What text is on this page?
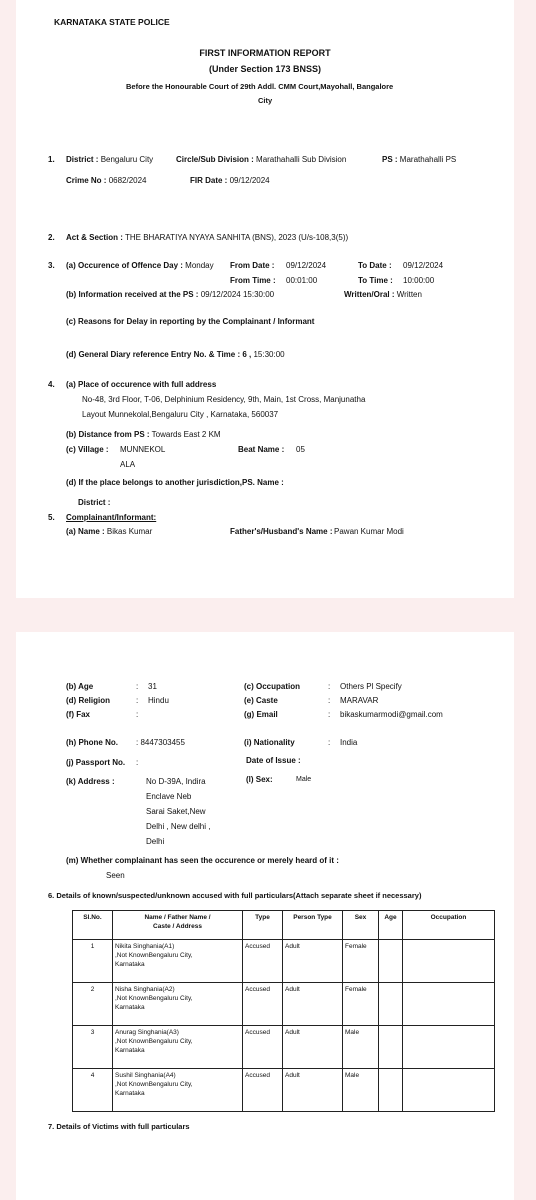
KARNATAKA STATE POLICE
FIRST INFORMATION REPORT
(Under Section 173 BNSS)
Before the Honourable Court of 29th Addl. CMM Court,Mayohall, Bangalore
City
1. District : Bengaluru City	Circle/Sub Division : Marathahalli Sub Division	PS : Marathahalli PS
Crime No : 0682/2024	FIR Date : 09/12/2024
2. Act & Section : THE BHARATIYA NYAYA SANHITA (BNS), 2023 (U/s-108,3(5))
3. (a) Occurence of Offence Day : Monday From Date : 09/12/2024	To Date : 09/12/2024
From Time : 00:01:00	To Time : 10:00:00
(b) Information received at the PS : 09/12/2024 15:30:00	Written/Oral : Written
(c) Reasons for Delay in reporting by the Complainant / Informant
(d) General Diary reference Entry No. & Time : 6 , 15:30:00
4. (a) Place of occurence with full address
No-48, 3rd Floor, T-06, Delphinium Residency, 9th, Main, 1st Cross, Manjunatha
Layout Munnekolal,Bengaluru City , Karnataka, 560037
(b) Distance from PS : Towards East 2 KM
(c) Village : MUNNEKOL
ALA
Beat Name : 05
(d) If the place belongs to another jurisdiction,PS. Name :
District :
5. Complainant/Informant:
(a) Name : Bikas Kumar	Father's/Husband's Name : Pawan Kumar Modi
(b) Age	: 31
(d) Religion	: Hindu
(f) Fax	:
(c) Occupation	: Others Pl Specify
(e) Caste	: MARAVAR
(g) Email	: bikaskumarmodi@gmail.com
(h) Phone No. : 8447303455	(i) Nationality	: India
(j) Passport No. :	Date of Issue :
(k) Address :	No D-39A, Indira
Enclave Neb
Sarai Saket,New
Delhi , New delhi ,
Delhi
(l) Sex:	Male
(m) Whether complainant has seen the occurence or merely heard of it :
Seen
6. Details of known/suspected/unknown accused with full particulars(Attach separate sheet if necessary)
Sl.No.	Name / Father Name /
Caste / Address	Type	Person Type	Sex	Age	Occupation
1	Nikita Singhania(A1)
,Not KnownBengaluru City,
Karnataka	Accused	Adult	Female		
2	Nisha Singhania(A2)
,Not KnownBengaluru City,
Karnataka	Accused	Adult	Female		
3	Anurag Singhania(A3)
,Not KnownBengaluru City,
Karnataka	Accused	Adult	Male		
4	Sushil Singhania(A4)
,Not KnownBengaluru City,
Karnataka	Accused	Adult	Male		
7. Details of Victims with full particulars
